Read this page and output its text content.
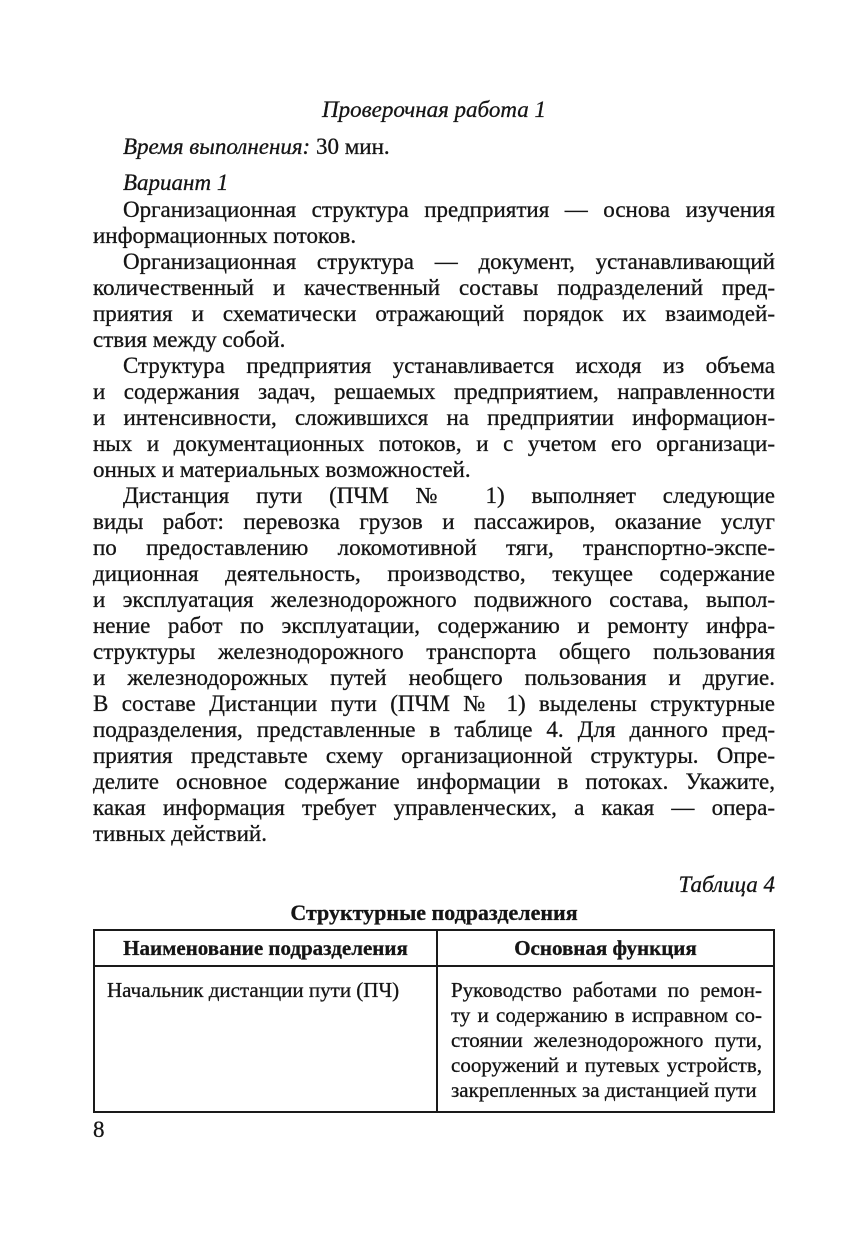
Проверочная работа 1
Время выполнения: 30 мин.
Вариант 1
Организационная структура предприятия — основа изучения
информационных потоков.
Организационная структура — документ, устанавливающий
количественный и качественный составы подразделений пред-
приятия и схематически отражающий порядок их взаимодей-
ствия между собой.
Структура предприятия устанавливается исходя из объема
и содержания задач, решаемых предприятием, направленности
и интенсивности, сложившихся на предприятии информацион-
ных и документационных потоков, и с учетом его организаци-
онных и материальных возможностей.
Дистанция пути (ПЧМ № 1) выполняет следующие
виды работ: перевозка грузов и пассажиров, оказание услуг
по предоставлению локомотивной тяги, транспортно-экспе-
диционная деятельность, производство, текущее содержание
и эксплуатация железнодорожного подвижного состава, выпол-
нение работ по эксплуатации, содержанию и ремонту инфра-
структуры железнодорожного транспорта общего пользования
и железнодорожных путей необщего пользования и другие.
В составе Дистанции пути (ПЧМ № 1) выделены структурные
подразделения, представленные в таблице 4. Для данного пред-
приятия представьте схему организационной структуры. Опре-
делите основное содержание информации в потоках. Укажите,
какая информация требует управленческих, а какая — опера-
тивных действий.
Таблица 4
Структурные подразделения
Наименование подразделения	Основная функция
Начальник дистанции пути (ПЧ)	Руководство работами по ремон-
ту и содержанию в исправном со-
стоянии железнодорожного пути,
сооружений и путевых устройств,
закрепленных за дистанцией пути
8
